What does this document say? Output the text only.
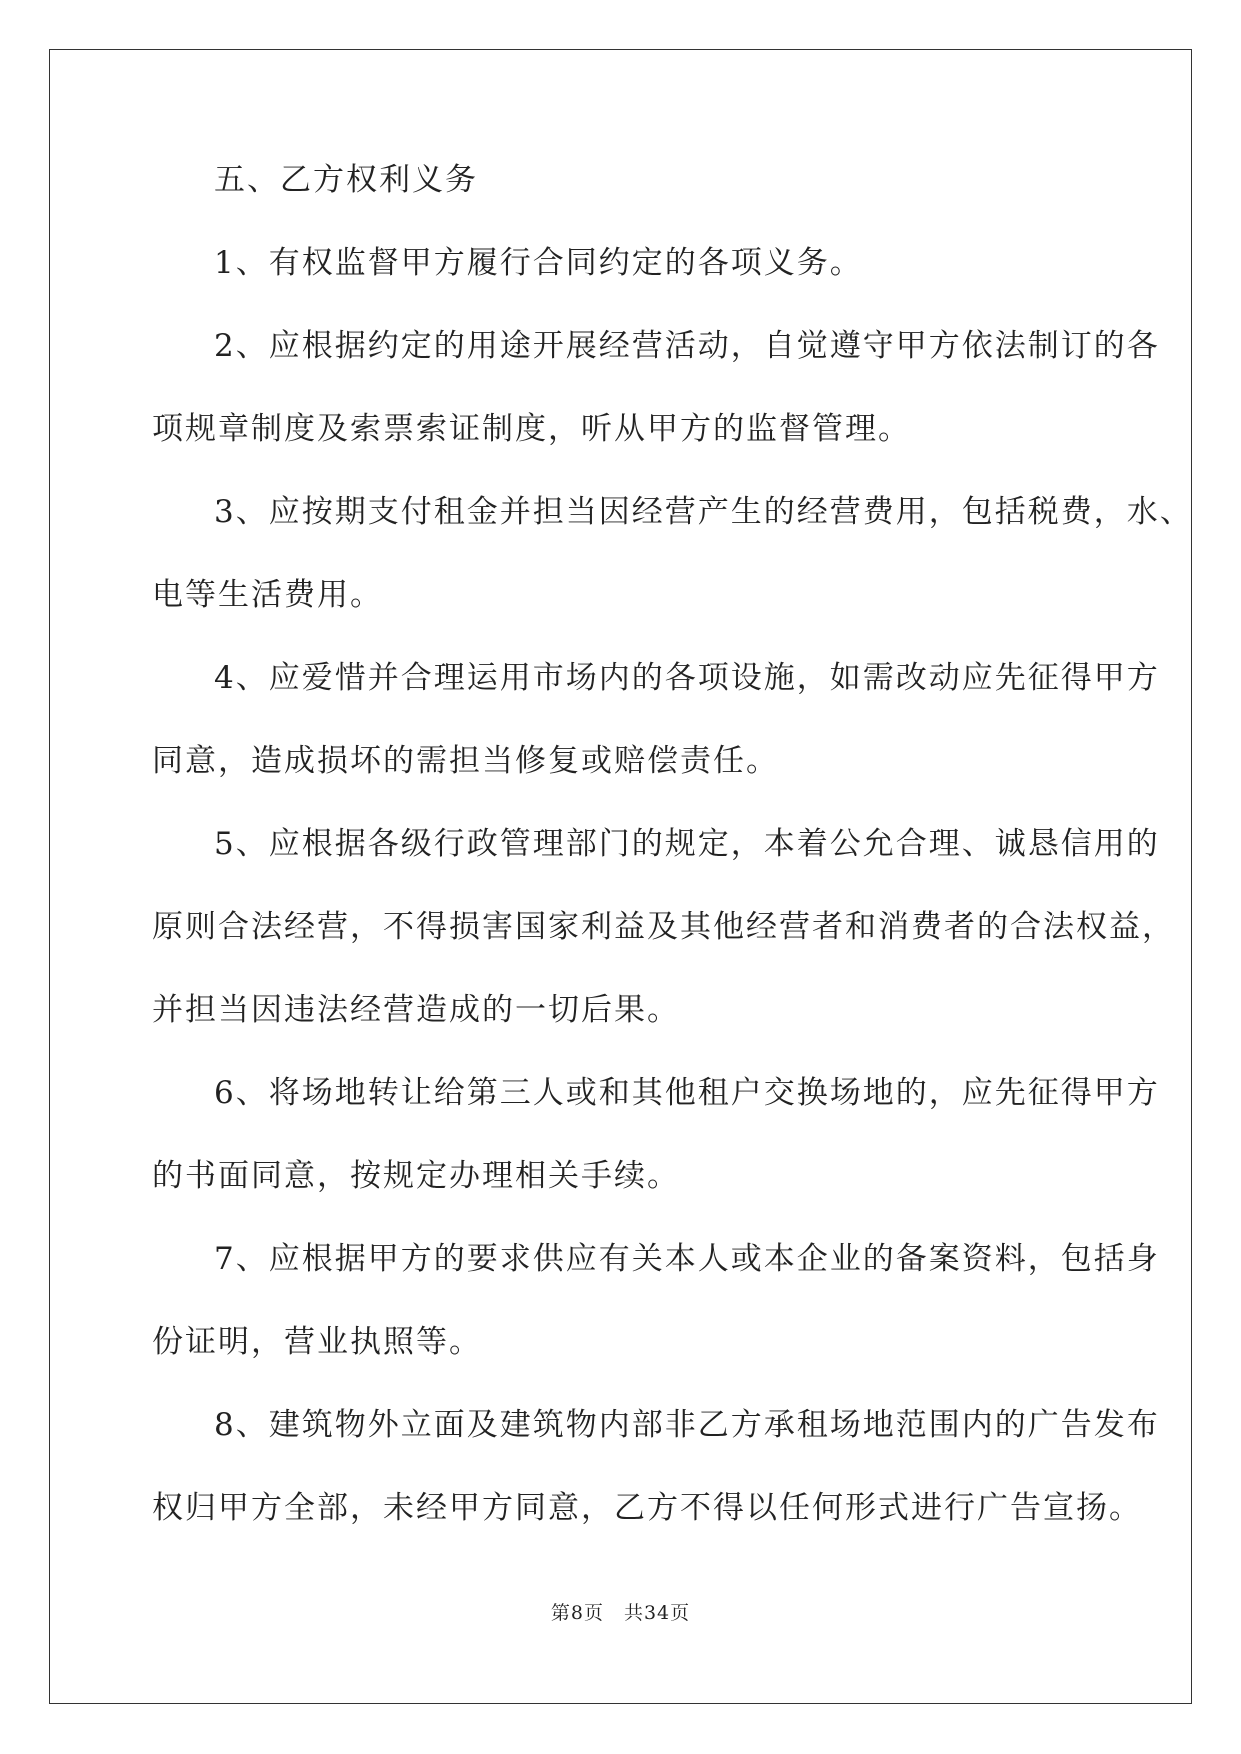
五、乙方权利义务
1、有权监督甲方履行合同约定的各项义务。
2、应根据约定的用途开展经营活动，自觉遵守甲方依法制订的各
项规章制度及索票索证制度，听从甲方的监督管理。
3、应按期支付租金并担当因经营产生的经营费用，包括税费，水、
电等生活费用。
4、应爱惜并合理运用市场内的各项设施，如需改动应先征得甲方
同意，造成损坏的需担当修复或赔偿责任。
5、应根据各级行政管理部门的规定，本着公允合理、诚恳信用的
原则合法经营，不得损害国家利益及其他经营者和消费者的合法权益，
并担当因违法经营造成的一切后果。
6、将场地转让给第三人或和其他租户交换场地的，应先征得甲方
的书面同意，按规定办理相关手续。
7、应根据甲方的要求供应有关本人或本企业的备案资料，包括身
份证明，营业执照等。
8、建筑物外立面及建筑物内部非乙方承租场地范围内的广告发布
权归甲方全部，未经甲方同意，乙方不得以任何形式进行广告宣扬。
第8页 共34页
